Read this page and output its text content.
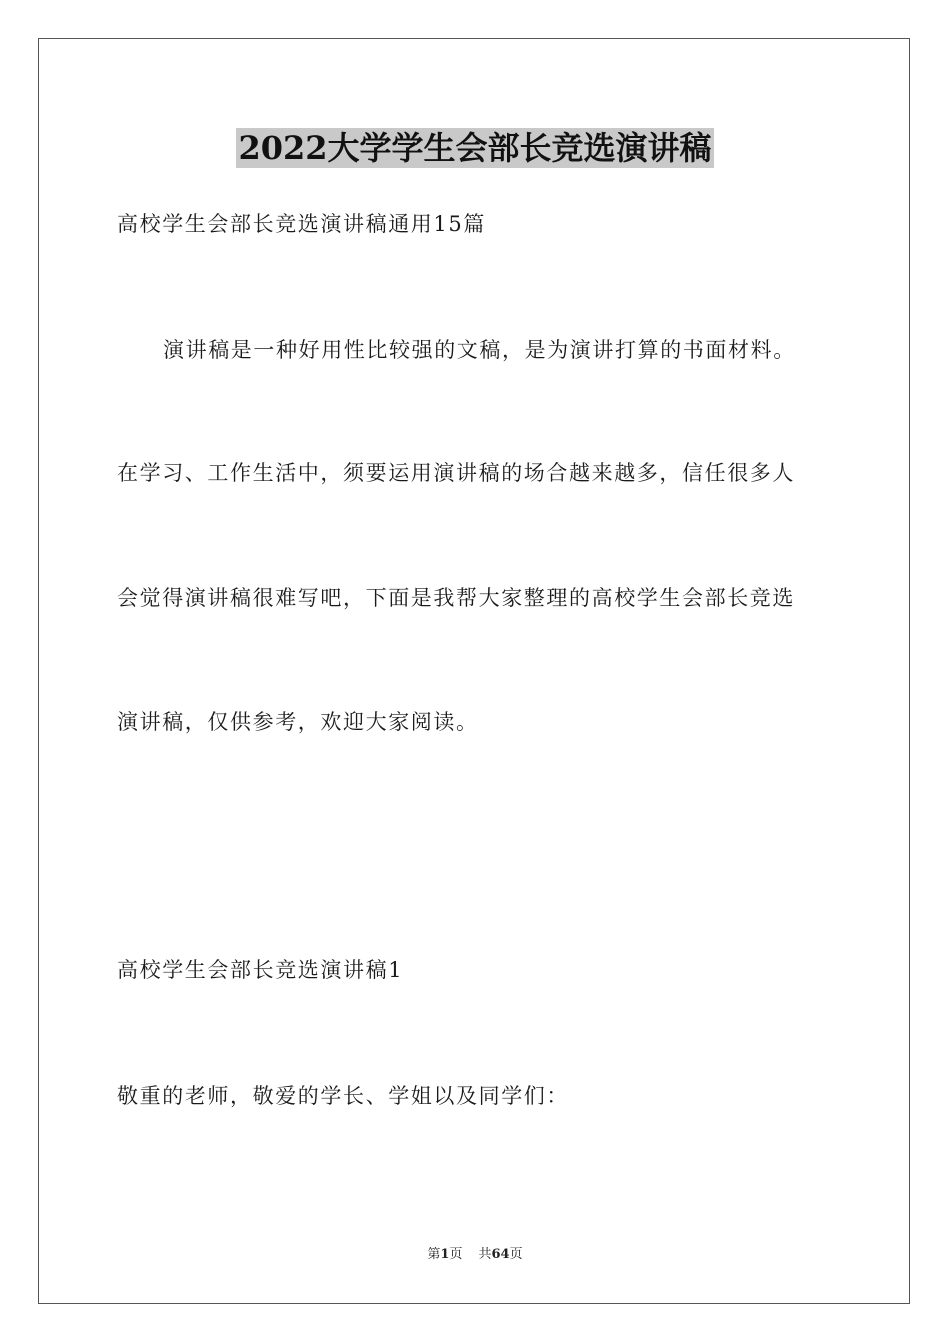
2022大学学生会部长竞选演讲稿
高校学生会部长竞选演讲稿通用15篇
演讲稿是一种好用性比较强的文稿，是为演讲打算的书面材料。
在学习、工作生活中，须要运用演讲稿的场合越来越多，信任很多人
会觉得演讲稿很难写吧，下面是我帮大家整理的高校学生会部长竞选
演讲稿，仅供参考，欢迎大家阅读。
高校学生会部长竞选演讲稿1
敬重的老师，敬爱的学长、学姐以及同学们：
第1页 共64页
